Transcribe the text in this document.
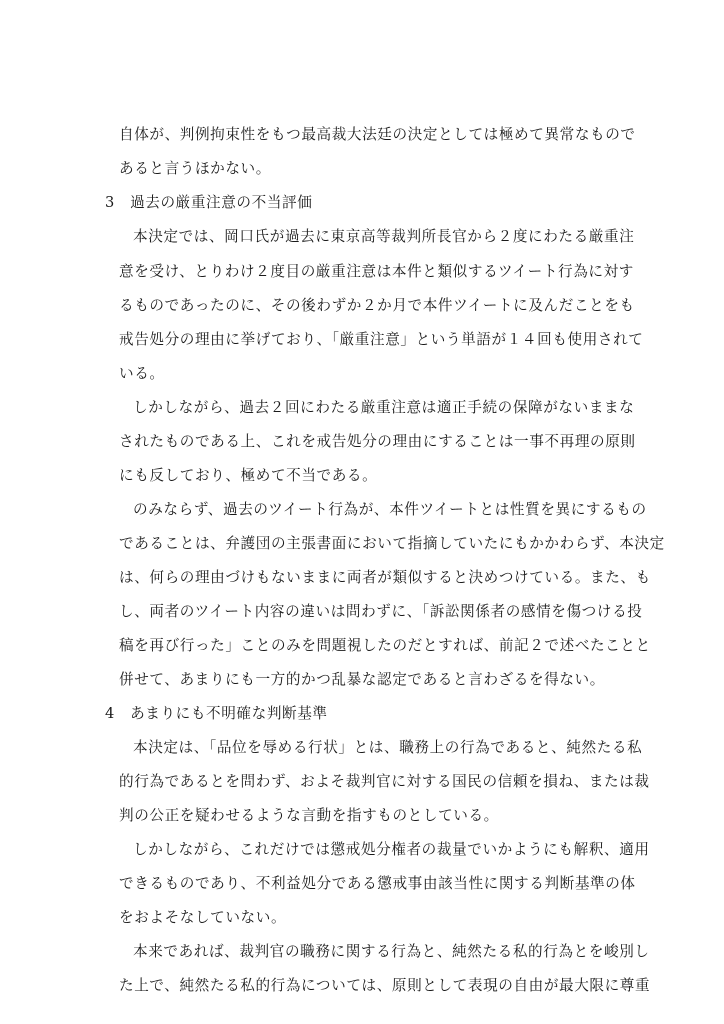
自体が、判例拘束性をもつ最高裁大法廷の決定としては極めて異常なもので
あると言うほかない。
3　過去の厳重注意の不当評価
本決定では、岡口氏が過去に東京高等裁判所長官から２度にわたる厳重注
意を受け、とりわけ２度目の厳重注意は本件と類似するツイート行為に対す
るものであったのに、その後わずか２か月で本件ツイートに及んだことをも
戒告処分の理由に挙げており、「厳重注意」という単語が１４回も使用されて
いる。
しかしながら、過去２回にわたる厳重注意は適正手続の保障がないままな
されたものである上、これを戒告処分の理由にすることは一事不再理の原則
にも反しており、極めて不当である。
のみならず、過去のツイート行為が、本件ツイートとは性質を異にするもの
であることは、弁護団の主張書面において指摘していたにもかかわらず、本決定
は、何らの理由づけもないままに両者が類似すると決めつけている。また、も
し、両者のツイート内容の違いは問わずに、「訴訟関係者の感情を傷つける投
稿を再び行った」ことのみを問題視したのだとすれば、前記２で述べたことと
併せて、あまりにも一方的かつ乱暴な認定であると言わざるを得ない。
4　あまりにも不明確な判断基準
本決定は、「品位を辱める行状」とは、職務上の行為であると、純然たる私
的行為であるとを問わず、およそ裁判官に対する国民の信頼を損ね、または裁
判の公正を疑わせるような言動を指すものとしている。
しかしながら、これだけでは懲戒処分権者の裁量でいかようにも解釈、適用
できるものであり、不利益処分である懲戒事由該当性に関する判断基準の体
をおよそなしていない。
本来であれば、裁判官の職務に関する行為と、純然たる私的行為とを峻別し
た上で、純然たる私的行為については、原則として表現の自由が最大限に尊重
